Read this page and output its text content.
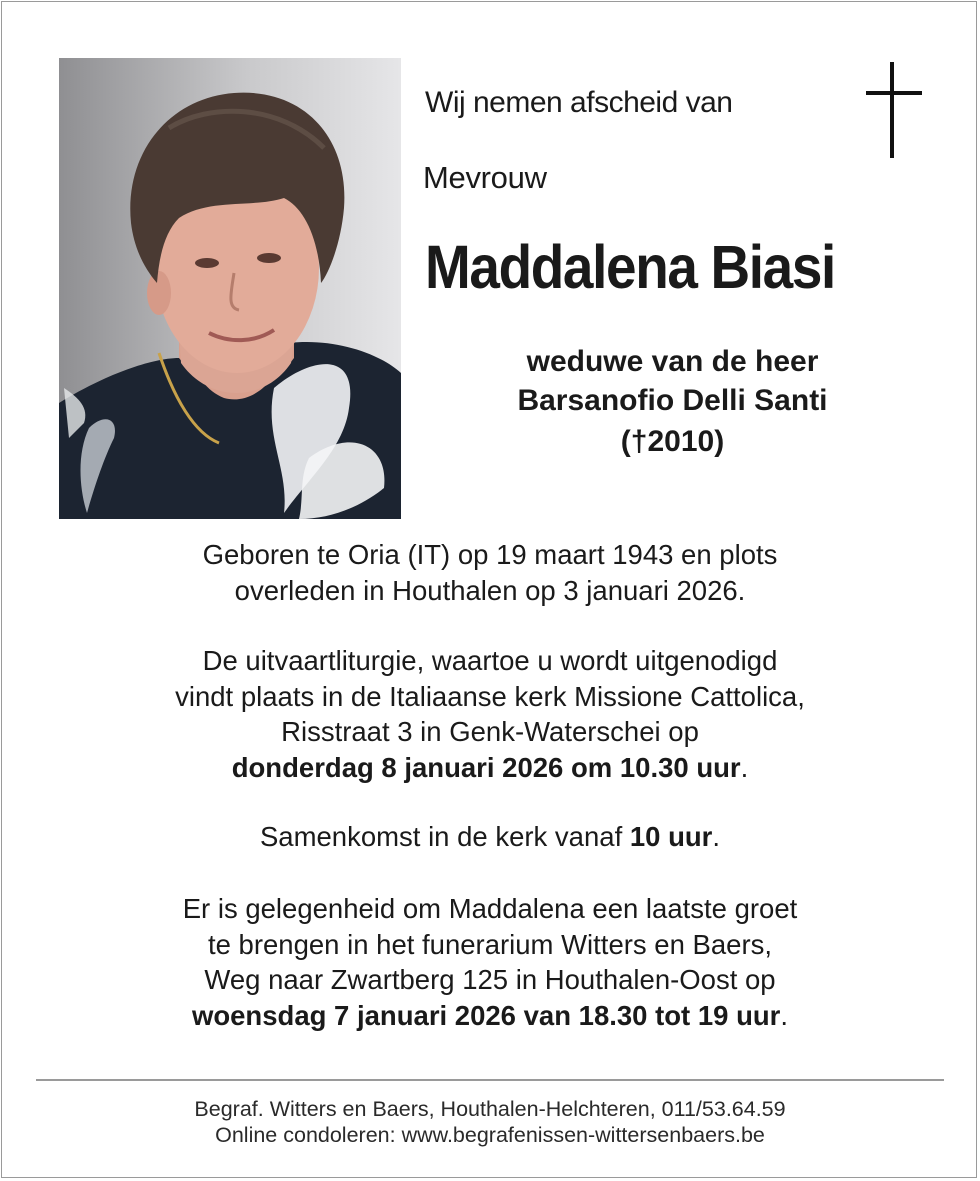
Wij nemen afscheid van
Mevrouw
Maddalena Biasi
weduwe van de heer
Barsanofio Delli Santi
(†2010)

Geboren te Oria (IT) op 19 maart 1943 en plots

overleden in Houthalen op 3 januari 2026.

De uitvaartliturgie, waartoe u wordt uitgenodigd

vindt plaats in de Italiaanse kerk Missione Cattolica,

Risstraat 3 in Genk-Waterschei op

donderdag 8 januari 2026 om 10.30 uur.

Samenkomst in de kerk vanaf 10 uur.

Er is gelegenheid om Maddalena een laatste groet

te brengen in het funerarium Witters en Baers,

Weg naar Zwartberg 125 in Houthalen-Oost op

woensdag 7 januari 2026 van 18.30 tot 19 uur.

Begraf. Witters en Baers, Houthalen-Helchteren, 011/53.64.59

Online condoleren: www.begrafenissen-wittersenbaers.be
